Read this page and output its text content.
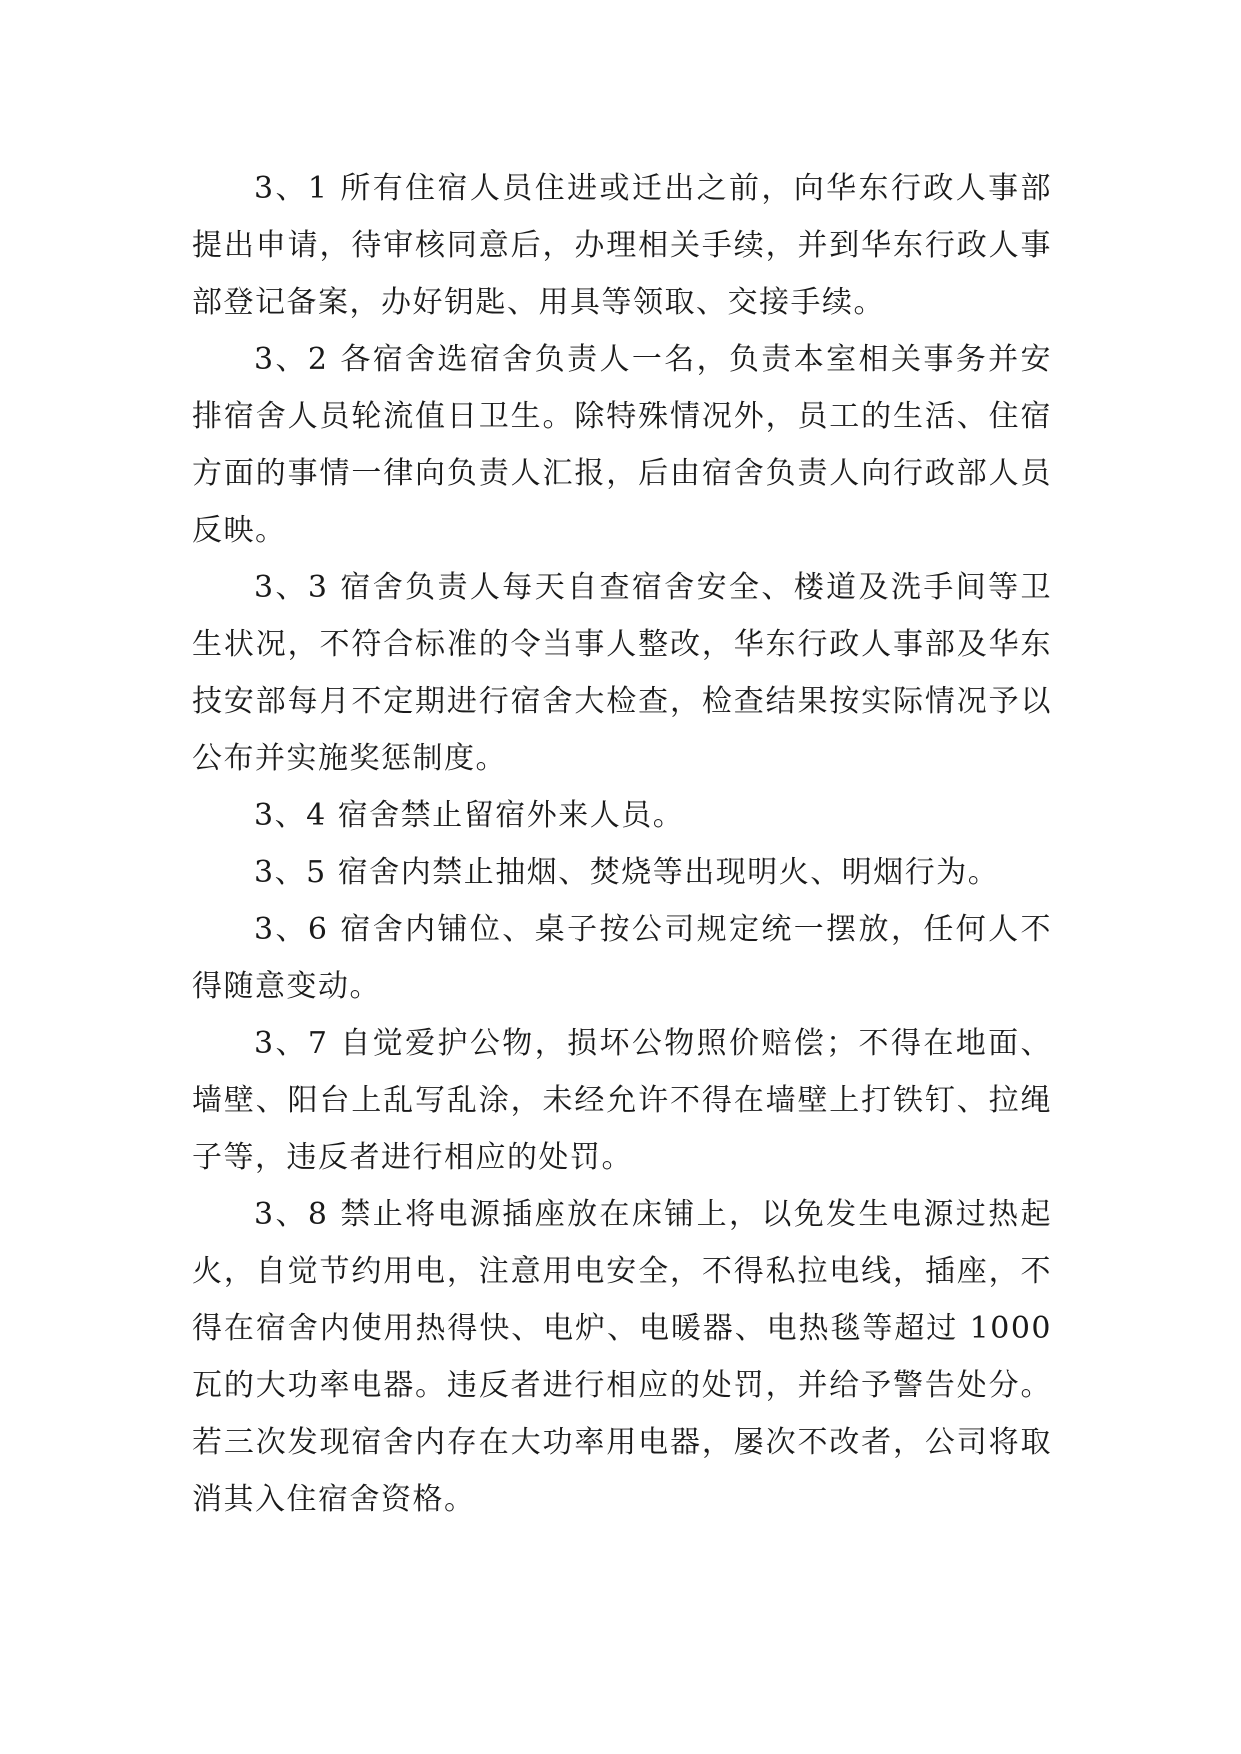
3、1 所有住宿人员住进或迁出之前，向华东行政人事部提出申请，待审核同意后，办理相关手续，并到华东行政人事部登记备案，办好钥匙、用具等领取、交接手续。

3、2 各宿舍选宿舍负责人一名，负责本室相关事务并安排宿舍人员轮流值日卫生。除特殊情况外，员工的生活、住宿方面的事情一律向负责人汇报，后由宿舍负责人向行政部人员反映。

3、3 宿舍负责人每天自查宿舍安全、楼道及洗手间等卫生状况，不符合标准的令当事人整改，华东行政人事部及华东技安部每月不定期进行宿舍大检查，检查结果按实际情况予以公布并实施奖惩制度。

3、4 宿舍禁止留宿外来人员。

3、5 宿舍内禁止抽烟、焚烧等出现明火、明烟行为。

3、6 宿舍内铺位、桌子按公司规定统一摆放，任何人不得随意变动。

3、7 自觉爱护公物，损坏公物照价赔偿；不得在地面、墙壁、阳台上乱写乱涂，未经允许不得在墙壁上打铁钉、拉绳子等，违反者进行相应的处罚。

3、8 禁止将电源插座放在床铺上，以免发生电源过热起火，自觉节约用电，注意用电安全，不得私拉电线，插座，不得在宿舍内使用热得快、电炉、电暖器、电热毯等超过 1000 瓦的大功率电器。违反者进行相应的处罚，并给予警告处分。若三次发现宿舍内存在大功率用电器，屡次不改者，公司将取消其入住宿舍资格。
